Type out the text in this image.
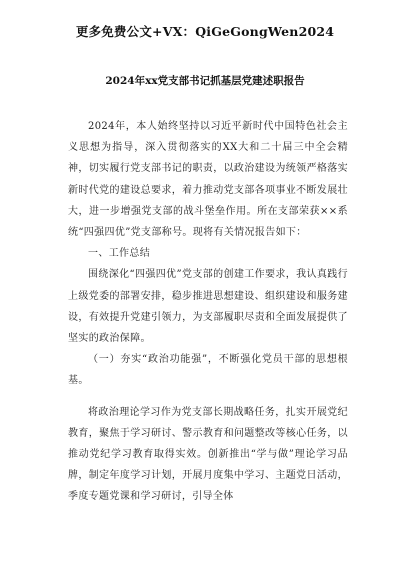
更多免费公文+VX：QiGeGongWen2024
2024年xx党支部书记抓基层党建述职报告

2024年，本人始终坚持以习近平新时代中国特色社会主义思想为指导，深入贯彻落实的XX大和二十届三中全会精神，切实履行党支部书记的职责，以政治建设为统领严格落实新时代党的建设总要求，着力推动党支部各项事业不断发展壮大，进一步增强党支部的战斗堡垒作用。所在支部荣获××系统“四强四优”党支部称号。现将有关情况报告如下：

一、工作总结

围绕深化“四强四优”党支部的创建工作要求，我认真践行上级党委的部署安排，稳步推进思想建设、组织建设和服务建设，有效提升党建引领力，为支部履职尽责和全面发展提供了坚实的政治保障。

（一）夯实“政治功能强”，不断强化党员干部的思想根基。

将政治理论学习作为党支部长期战略任务，扎实开展党纪教育，聚焦于学习研讨、警示教育和问题整改等核心任务，以推动党纪学习教育取得实效。创新推出“学与做”理论学习品牌，制定年度学习计划，开展月度集中学习、主题党日活动，季度专题党课和学习研讨，引导全体
